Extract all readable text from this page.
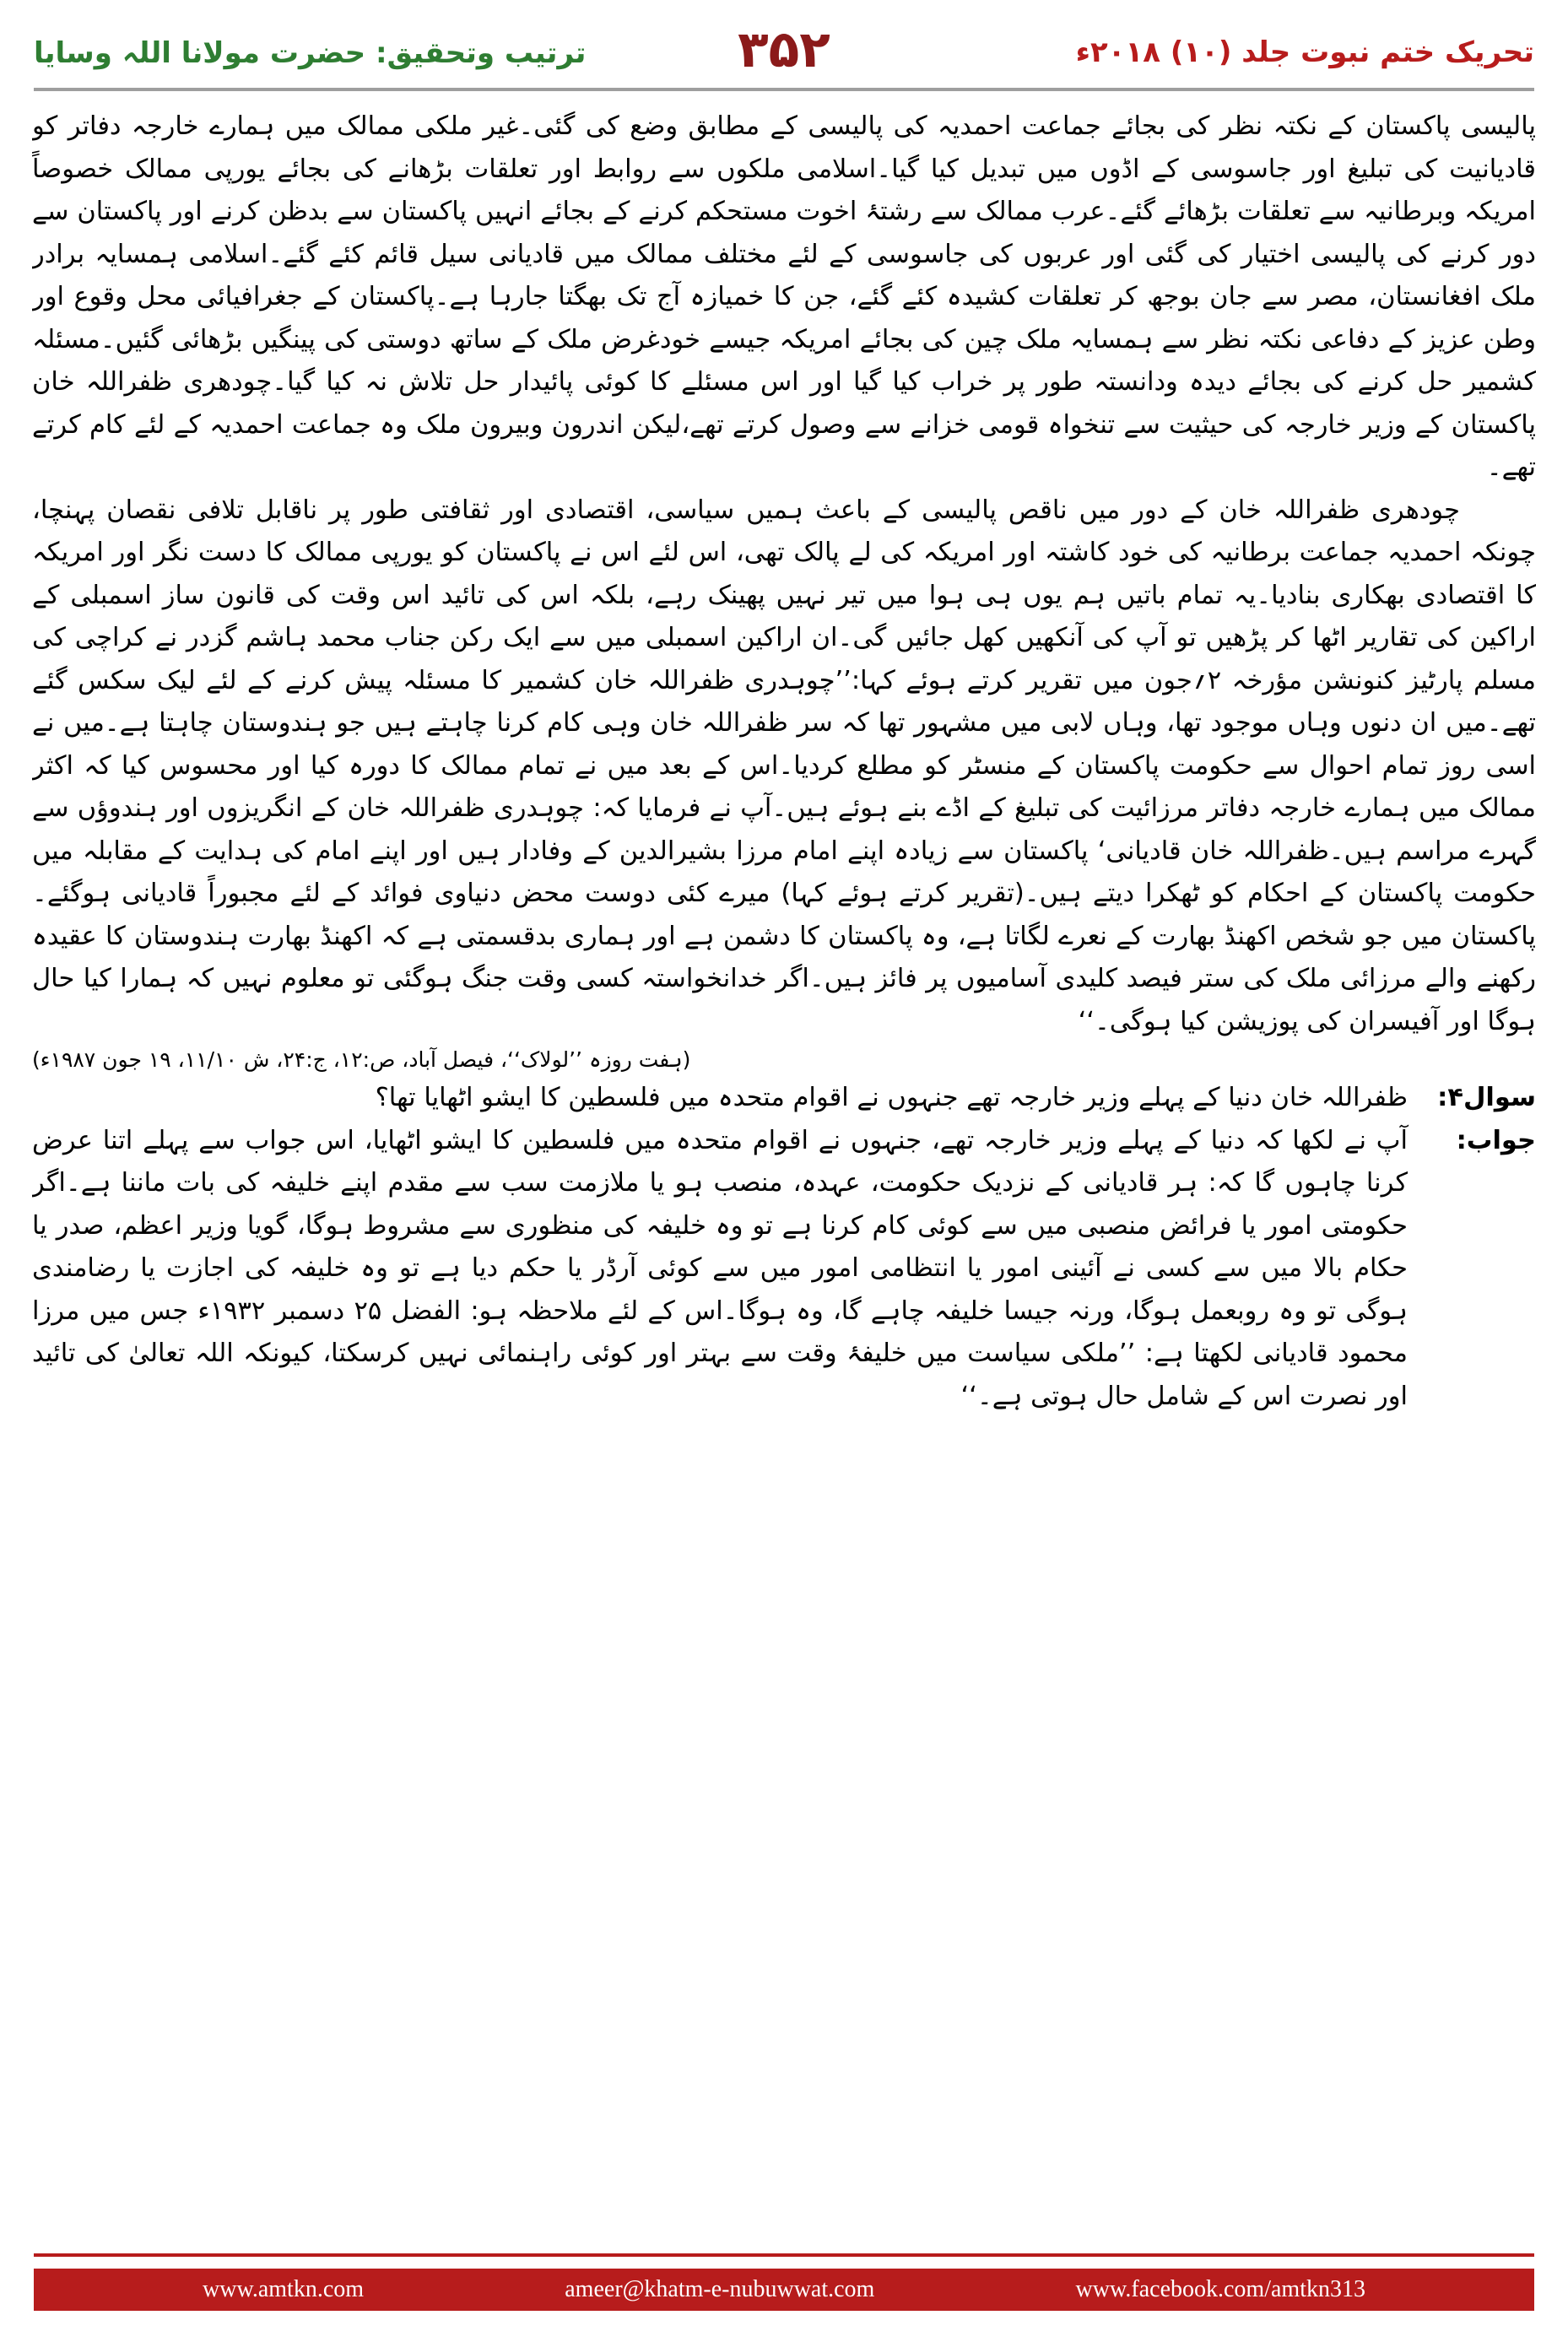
ترتیب وتحقیق: حضرت مولانا اللہ وسایا	۳۵۲	تحریک ختم نبوت جلد (۱۰) ۲۰۱۸ء

پالیسی پاکستان کے نکتہ نظر کی بجائے جماعت احمدیہ کی پالیسی کے مطابق وضع کی گئی۔غیر ملکی ممالک میں ہمارے خارجہ دفاتر کو قادیانیت کی تبلیغ اور جاسوسی کے اڈوں میں تبدیل کیا گیا۔اسلامی ملکوں سے روابط اور تعلقات بڑھانے کی بجائے یورپی ممالک خصوصاً امریکہ وبرطانیہ سے تعلقات بڑھائے گئے۔عرب ممالک سے رشتۂ اخوت مستحکم کرنے کے بجائے انہیں پاکستان سے بدظن کرنے اور پاکستان سے دور کرنے کی پالیسی اختیار کی گئی اور عربوں کی جاسوسی کے لئے مختلف ممالک میں قادیانی سیل قائم کئے گئے۔اسلامی ہمسایہ برادر ملک افغانستان، مصر سے جان بوجھ کر تعلقات کشیدہ کئے گئے، جن کا خمیازہ آج تک بھگتا جارہا ہے۔پاکستان کے جغرافیائی محل وقوع اور وطن عزیز کے دفاعی نکتہ نظر سے ہمسایہ ملک چین کی بجائے امریکہ جیسے خودغرض ملک کے ساتھ دوستی کی پینگیں بڑھائی گئیں۔مسئلہ کشمیر حل کرنے کی بجائے دیدہ ودانستہ طور پر خراب کیا گیا اور اس مسئلے کا کوئی پائیدار حل تلاش نہ کیا گیا۔چودھری ظفراللہ خان پاکستان کے وزیر خارجہ کی حیثیت سے تنخواہ قومی خزانے سے وصول کرتے تھے،لیکن اندرون وبیرون ملک وہ جماعت احمدیہ کے لئے کام کرتے تھے۔

چودھری ظفراللہ خان کے دور میں ناقص پالیسی کے باعث ہمیں سیاسی، اقتصادی اور ثقافتی طور پر ناقابل تلافی نقصان پہنچا، چونکہ احمدیہ جماعت برطانیہ کی خود کاشتہ اور امریکہ کی لے پالک تھی، اس لئے اس نے پاکستان کو یورپی ممالک کا دست نگر اور امریکہ کا اقتصادی بھکاری بنادیا۔یہ تمام باتیں ہم یوں ہی ہوا میں تیر نہیں پھینک رہے، بلکہ اس کی تائید اس وقت کی قانون ساز اسمبلی کے اراکین کی تقاریر اٹھا کر پڑھیں تو آپ کی آنکھیں کھل جائیں گی۔ان اراکین اسمبلی میں سے ایک رکن جناب محمد ہاشم گزدر نے کراچی کی مسلم پارٹیز کنونشن مؤرخہ ۲؍جون میں تقریر کرتے ہوئے کہا:’’چوہدری ظفراللہ خان کشمیر کا مسئلہ پیش کرنے کے لئے لیک سکس گئے تھے۔میں ان دنوں وہاں موجود تھا، وہاں لابی میں مشہور تھا کہ سر ظفراللہ خان وہی کام کرنا چاہتے ہیں جو ہندوستان چاہتا ہے۔میں نے اسی روز تمام احوال سے حکومت پاکستان کے منسٹر کو مطلع کردیا۔اس کے بعد میں نے تمام ممالک کا دورہ کیا اور محسوس کیا کہ اکثر ممالک میں ہمارے خارجہ دفاتر مرزائیت کی تبلیغ کے اڈے بنے ہوئے ہیں۔آپ نے فرمایا کہ: چوہدری ظفراللہ خان کے انگریزوں اور ہندوؤں سے گہرے مراسم ہیں۔ظفراللہ خان قادیانی‘ پاکستان سے زیادہ اپنے امام مرزا بشیرالدین کے وفادار ہیں اور اپنے امام کی ہدایت کے مقابلہ میں حکومت پاکستان کے احکام کو ٹھکرا دیتے ہیں۔(تقریر کرتے ہوئے کہا) میرے کئی دوست محض دنیاوی فوائد کے لئے مجبوراً قادیانی ہوگئے۔پاکستان میں جو شخص اکھنڈ بھارت کے نعرے لگاتا ہے، وہ پاکستان کا دشمن ہے اور ہماری بدقسمتی ہے کہ اکھنڈ بھارت ہندوستان کا عقیدہ رکھنے والے مرزائی ملک کی ستر فیصد کلیدی آسامیوں پر فائز ہیں۔اگر خدانخواستہ کسی وقت جنگ ہوگئی تو معلوم نہیں کہ ہمارا کیا حال ہوگا اور آفیسران کی پوزیشن کیا ہوگی۔‘‘

(ہفت روزہ ’’لولاک‘‘، فیصل آباد، ص:۱۲، ج:۲۴، ش ۱۱/۱۰، ۱۹ جون ۱۹۸۷ء)
سوال۴:
ظفراللہ خان دنیا کے پہلے وزیر خارجہ تھے جنہوں نے اقوام متحدہ میں فلسطین کا ایشو اٹھایا تھا؟
جواب:
آپ نے لکھا کہ دنیا کے پہلے وزیر خارجہ تھے، جنہوں نے اقوام متحدہ میں فلسطین کا ایشو اٹھایا، اس جواب سے پہلے اتنا عرض کرنا چاہوں گا کہ: ہر قادیانی کے نزدیک حکومت، عہدہ، منصب ہو یا ملازمت سب سے مقدم اپنے خلیفہ کی بات ماننا ہے۔اگر حکومتی امور یا فرائض منصبی میں سے کوئی کام کرنا ہے تو وہ خلیفہ کی منظوری سے مشروط ہوگا، گویا وزیر اعظم، صدر یا حکام بالا میں سے کسی نے آئینی امور یا انتظامی امور میں سے کوئی آرڈر یا حکم دیا ہے تو وہ خلیفہ کی اجازت یا رضامندی ہوگی تو وہ روبعمل ہوگا، ورنہ جیسا خلیفہ چاہے گا، وہ ہوگا۔اس کے لئے ملاحظہ ہو: الفضل ۲۵ دسمبر ۱۹۳۲ء جس میں مرزا محمود قادیانی لکھتا ہے: ’’ملکی سیاست میں خلیفۂ وقت سے بہتر اور کوئی راہنمائی نہیں کرسکتا، کیونکہ اللہ تعالیٰ کی تائید اور نصرت اس کے شامل حال ہوتی ہے۔‘‘
www.amtkn.com	ameer@khatm-e-nubuwwat.com	www.facebook.com/amtkn313
